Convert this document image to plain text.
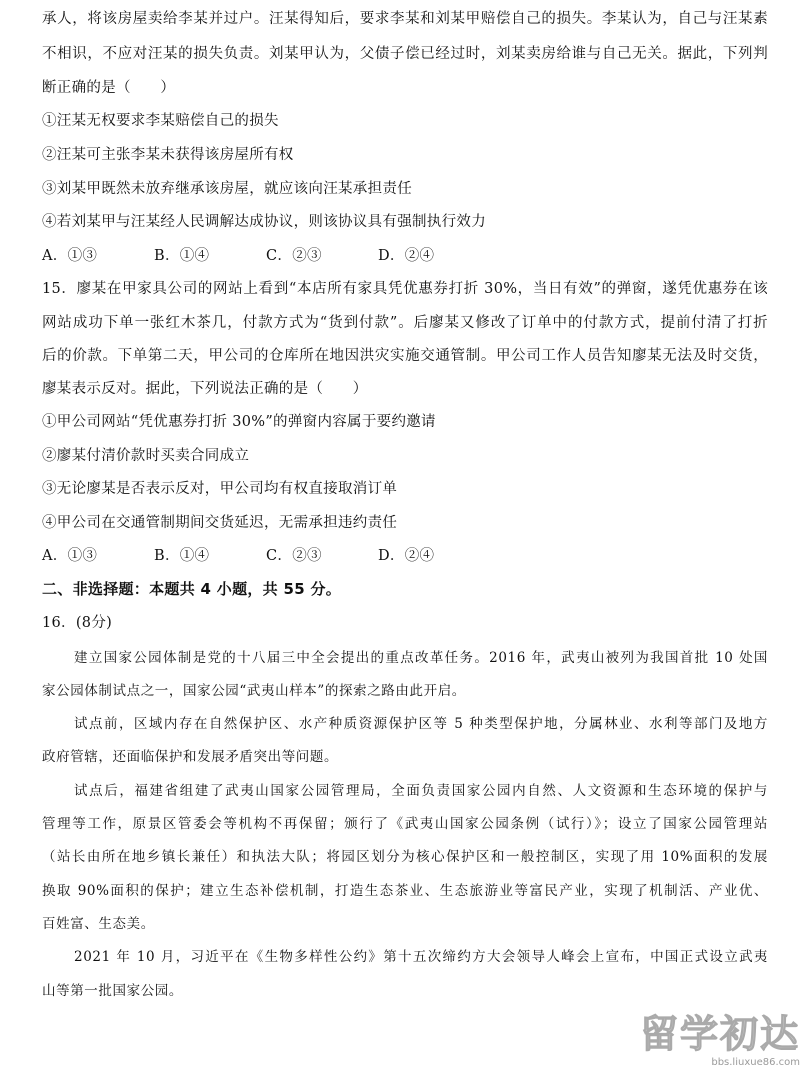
承人，将该房屋卖给李某并过户。汪某得知后，要求李某和刘某甲赔偿自己的损失。李某认为，自己与汪某素
不相识，不应对汪某的损失负责。刘某甲认为，父债子偿已经过时，刘某卖房给谁与自己无关。据此，下列判
断正确的是（　　）
①汪某无权要求李某赔偿自己的损失
②汪某可主张李某未获得该房屋所有权
③刘某甲既然未放弃继承该房屋，就应该向汪某承担责任
④若刘某甲与汪某经人民调解达成协议，则该协议具有强制执行效力
A．①③	B．①④	C．②③	D．②④
15．廖某在甲家具公司的网站上看到“本店所有家具凭优惠券打折 30%，当日有效”的弹窗，遂凭优惠券在该
网站成功下单一张红木茶几，付款方式为“货到付款”。后廖某又修改了订单中的付款方式，提前付清了打折
后的价款。下单第二天，甲公司的仓库所在地因洪灾实施交通管制。甲公司工作人员告知廖某无法及时交货，
廖某表示反对。据此，下列说法正确的是（　　）
①甲公司网站“凭优惠券打折 30%”的弹窗内容属于要约邀请
②廖某付清价款时买卖合同成立
③无论廖某是否表示反对，甲公司均有权直接取消订单
④甲公司在交通管制期间交货延迟，无需承担违约责任
A．①③	B．①④	C．②③	D．②④
二、非选择题：本题共 4 小题，共 55 分。
16．(8分)
建立国家公园体制是党的十八届三中全会提出的重点改革任务。2016 年，武夷山被列为我国首批 10 处国
家公园体制试点之一，国家公园“武夷山样本”的探索之路由此开启。
试点前，区域内存在自然保护区、水产种质资源保护区等 5 种类型保护地，分属林业、水利等部门及地方
政府管辖，还面临保护和发展矛盾突出等问题。
试点后，福建省组建了武夷山国家公园管理局，全面负责国家公园内自然、人文资源和生态环境的保护与
管理等工作，原景区管委会等机构不再保留；颁行了《武夷山国家公园条例（试行）》；设立了国家公园管理站
（站长由所在地乡镇长兼任）和执法大队；将园区划分为核心保护区和一般控制区，实现了用 10%面积的发展
换取 90%面积的保护；建立生态补偿机制，打造生态茶业、生态旅游业等富民产业，实现了机制活、产业优、
百姓富、生态美。
2021 年 10 月，习近平在《生物多样性公约》第十五次缔约方大会领导人峰会上宣布，中国正式设立武夷
山等第一批国家公园。
留学初达
bbs.liuxue86.com
